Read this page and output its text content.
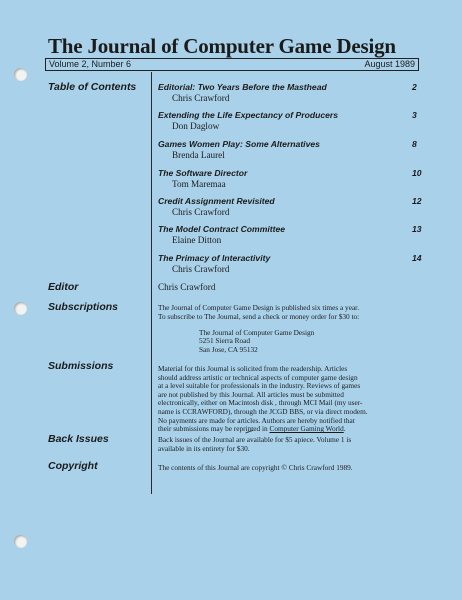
The Journal of Computer Game Design
Volume 2, Number 6	August 1989
Table of Contents
Editor
Subscriptions
Submissions
Back Issues
Copyright
Editorial: Two Years Before the Masthead
Chris Crawford
2
Extending the Life Expectancy of Producers
Don Daglow
3
Games Women Play: Some Alternatives
Brenda Laurel
8
The Software Director
Tom Maremaa
10
Credit Assignment Revisited
Chris Crawford
12
The Model Contract Committee
Elaine Ditton
13
The Primacy of Interactivity
Chris Crawford
14
Chris Crawford
The Journal of Computer Game Design is published six times a year.
To subscribe to The Journal, send a check or money order for $30 to:
The Journal of Computer Game Design
5251 Sierra Road
San Jose, CA 95132
Material for this Journal is solicited from the readership. Articles
should address artistic or technical aspects of computer game design
at a level suitable for professionals in the industry. Reviews of games
are not published by this Journal. All articles must be submitted
electronically, either on Macintosh disk , through MCI Mail (my user-
name is CCRAWFORD), through the JCGD BBS, or via direct modem.
No payments are made for articles. Authors are hereby notified that
their submissions may be reprinted in Computer Gaming World.
Back issues of the Journal are available for $5 apiece. Volume 1 is
available in its entirety for $30.
The contents of this Journal are copyright © Chris Crawford 1989.
